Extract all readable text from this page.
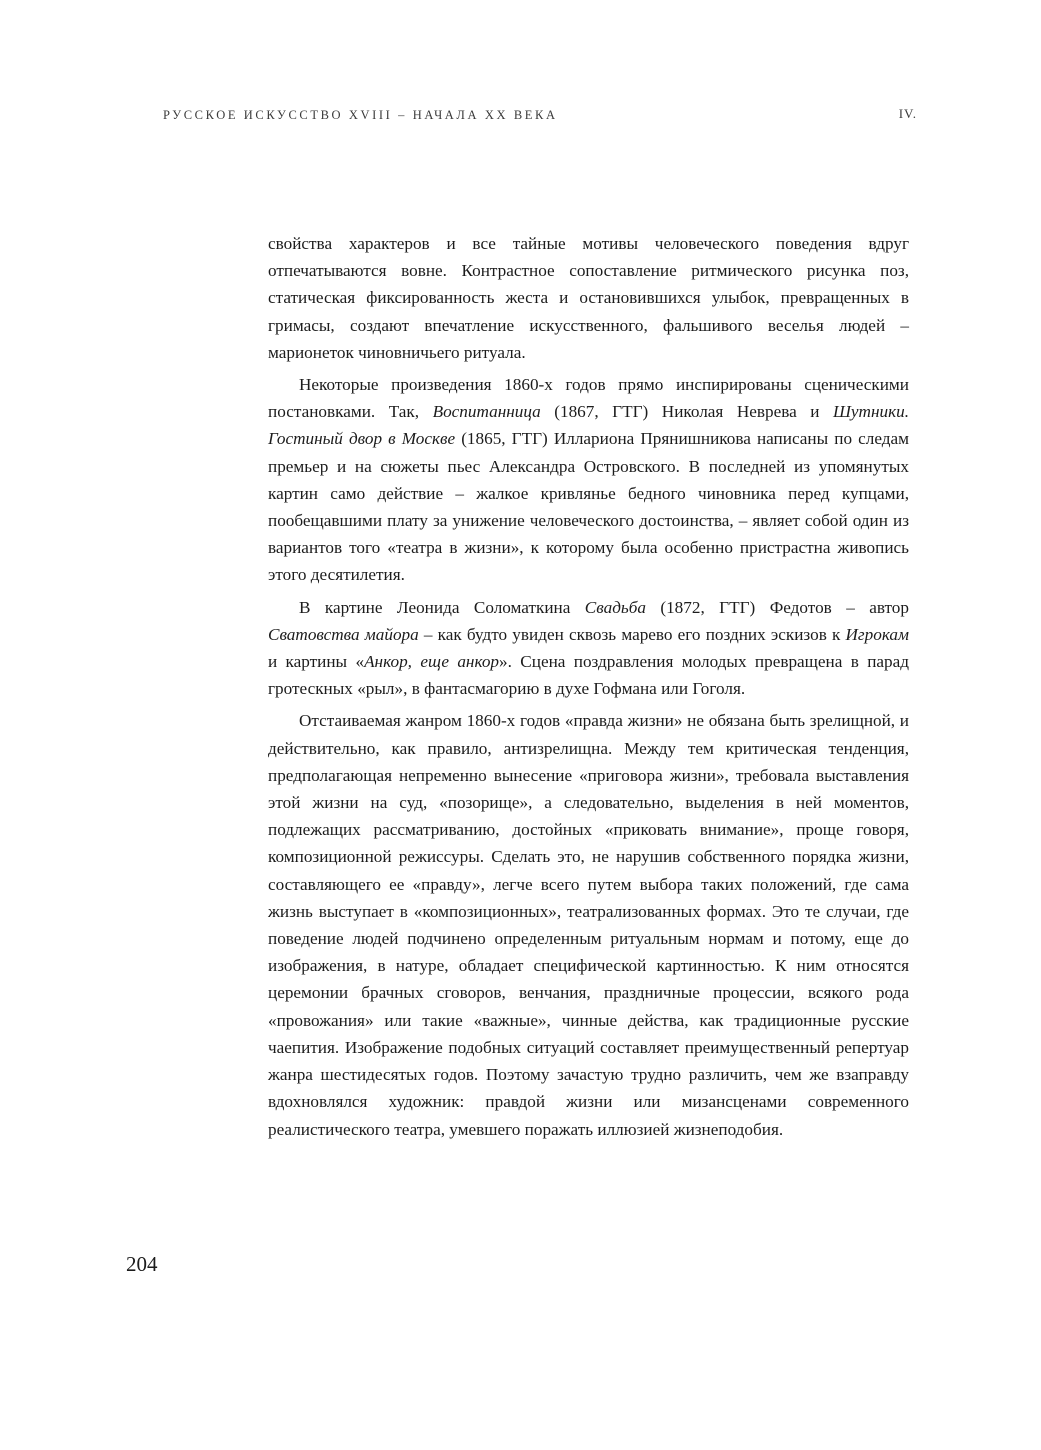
РУССКОЕ ИСКУССТВО XVIII – НАЧАЛА XX ВЕКА	IV.

свойства характеров и все тайные мотивы человеческого поведения вдруг отпечатываются вовне. Контрастное сопоставление ритмического рисунка поз, статическая фиксированность жеста и остановившихся улыбок, превращенных в гримасы, создают впечатление искусственного, фальшивого веселья людей – марионеток чиновничьего ритуала.

Некоторые произведения 1860-х годов прямо инспирированы сценическими постановками. Так, Воспитанница (1867, ГТГ) Николая Неврева и Шутники. Гостиный двор в Москве (1865, ГТГ) Иллариона Прянишникова написаны по следам премьер и на сюжеты пьес Александра Островского. В последней из упомянутых картин само действие – жалкое кривлянье бедного чиновника перед купцами, пообещавшими плату за унижение человеческого достоинства, – являет собой один из вариантов того «театра в жизни», к которому была особенно пристрастна живопись этого десятилетия.

В картине Леонида Соломаткина Свадьба (1872, ГТГ) Федотов – автор Сватовства майора – как будто увиден сквозь марево его поздних эскизов к Игрокам и картины «Анкор, еще анкор». Сцена поздравления молодых превращена в парад гротескных «рыл», в фантасмагорию в духе Гофмана или Гоголя.

Отстаиваемая жанром 1860-х годов «правда жизни» не обязана быть зрелищной, и действительно, как правило, антизрелищна. Между тем критическая тенденция, предполагающая непременно вынесение «приговора жизни», требовала выставления этой жизни на суд, «позорище», а следовательно, выделения в ней моментов, подлежащих рассматриванию, достойных «приковать внимание», проще говоря, композиционной режиссуры. Сделать это, не нарушив собственного порядка жизни, составляющего ее «правду», легче всего путем выбора таких положений, где сама жизнь выступает в «композиционных», театрализованных формах. Это те случаи, где поведение людей подчинено определенным ритуальным нормам и потому, еще до изображения, в натуре, обладает специфической картинностью. К ним относятся церемонии брачных сговоров, венчания, праздничные процессии, всякого рода «провожания» или такие «важные», чинные действа, как традиционные русские чаепития. Изображение подобных ситуаций составляет преимущественный репертуар жанра шестидесятых годов. Поэтому зачастую трудно различить, чем же взаправду вдохновлялся художник: правдой жизни или мизансценами современного реалистического театра, умевшего поражать иллюзией жизнеподобия.

204
